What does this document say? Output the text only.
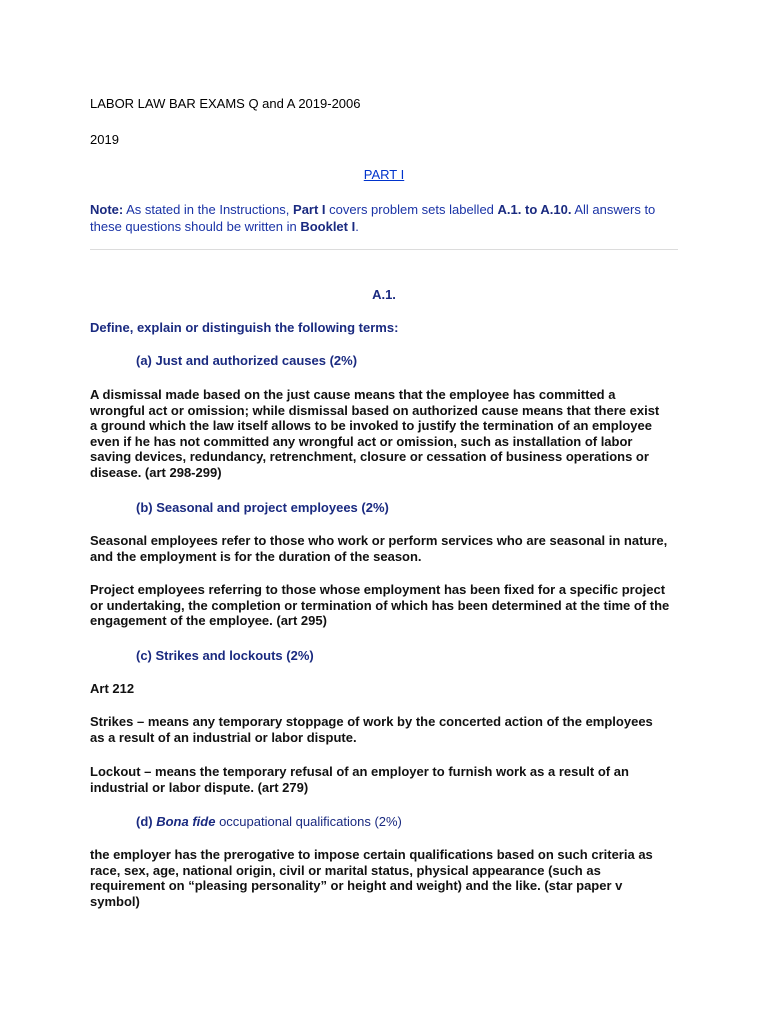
LABOR LAW BAR EXAMS Q and A 2019-2006
2019
PART I
Note: As stated in the Instructions, Part I covers problem sets labelled A.1. to A.10. All answers to
these questions should be written in Booklet I.
A.1.
Define, explain or distinguish the following terms:
(a) Just and authorized causes (2%)
A dismissal made based on the just cause means that the employee has committed a
wrongful act or omission; while dismissal based on authorized cause means that there exist
a ground which the law itself allows to be invoked to justify the termination of an employee
even if he has not committed any wrongful act or omission, such as installation of labor
saving devices, redundancy, retrenchment, closure or cessation of business operations or
disease. (art 298-299)
(b) Seasonal and project employees (2%)
Seasonal employees refer to those who work or perform services who are seasonal in nature,
and the employment is for the duration of the season.
Project employees referring to those whose employment has been fixed for a specific project
or undertaking, the completion or termination of which has been determined at the time of the
engagement of the employee. (art 295)
(c) Strikes and lockouts (2%)
Art 212
Strikes – means any temporary stoppage of work by the concerted action of the employees
as a result of an industrial or labor dispute.
Lockout – means the temporary refusal of an employer to furnish work as a result of an
industrial or labor dispute. (art 279)
(d) Bona fide occupational qualifications (2%)
the employer has the prerogative to impose certain qualifications based on such criteria as
race, sex, age, national origin, civil or marital status, physical appearance (such as
requirement on “pleasing personality” or height and weight) and the like. (star paper v
symbol)
